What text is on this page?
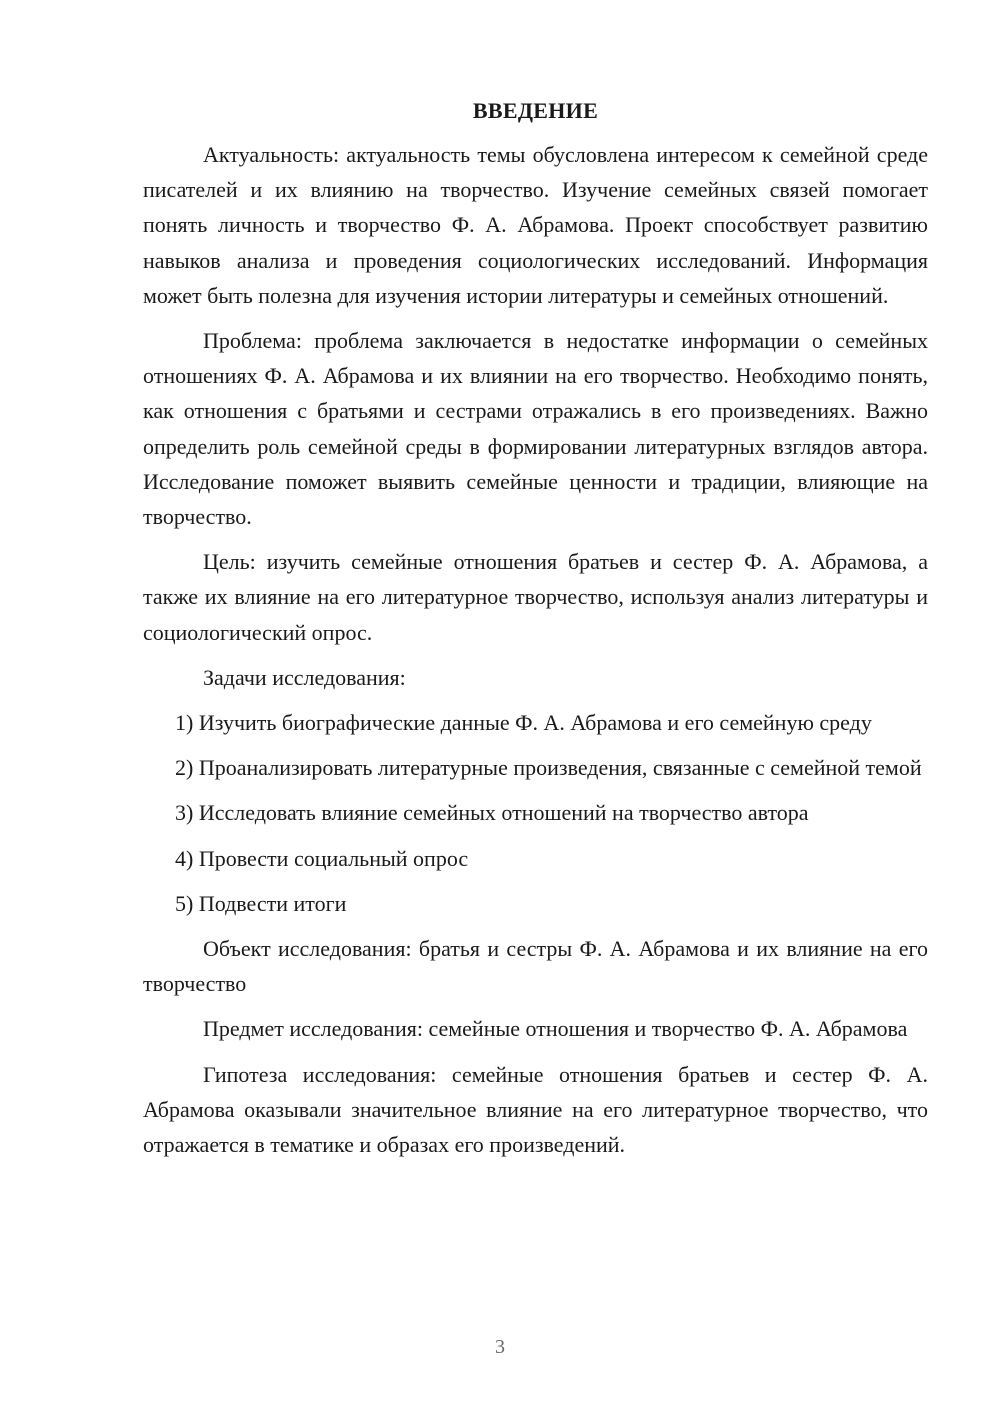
ВВЕДЕНИЕ

Актуальность: актуальность темы обусловлена интересом к семейной среде писателей и их влиянию на творчество. Изучение семейных связей помогает понять личность и творчество Ф. А. Абрамова. Проект способствует развитию навыков анализа и проведения социологических исследований. Информация может быть полезна для изучения истории литературы и семейных отношений.

Проблема: проблема заключается в недостатке информации о семейных отношениях Ф. А. Абрамова и их влиянии на его творчество. Необходимо понять, как отношения с братьями и сестрами отражались в его произведениях. Важно определить роль семейной среды в формировании литературных взглядов автора. Исследование поможет выявить семейные ценности и традиции, влияющие на творчество.

Цель: изучить семейные отношения братьев и сестер Ф. А. Абрамова, а также их влияние на его литературное творчество, используя анализ литературы и социологический опрос.

Задачи исследования:

1) Изучить биографические данные Ф. А. Абрамова и его семейную среду

2) Проанализировать литературные произведения, связанные с семейной темой

3) Исследовать влияние семейных отношений на творчество автора

4) Провести социальный опрос

5) Подвести итоги

Объект исследования: братья и сестры Ф. А. Абрамова и их влияние на его творчество

Предмет исследования: семейные отношения и творчество Ф. А. Абрамова

Гипотеза исследования: семейные отношения братьев и сестер Ф. А. Абрамова оказывали значительное влияние на его литературное творчество, что отражается в тематике и образах его произведений.

3
